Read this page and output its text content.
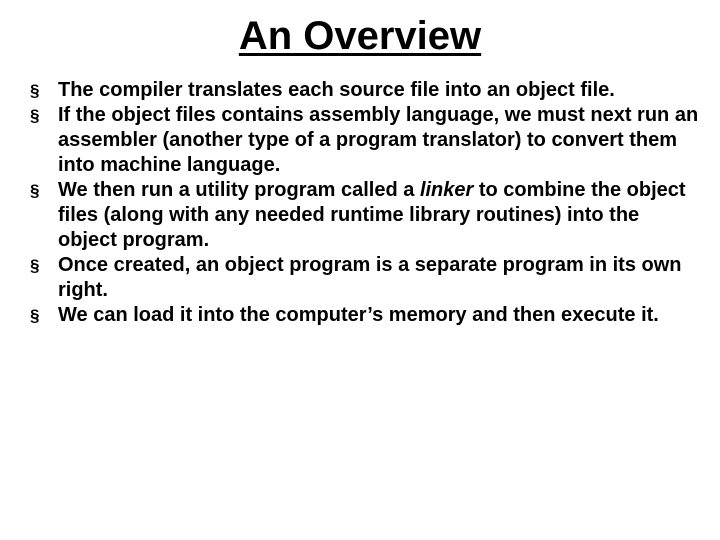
An Overview
§ The compiler translates each source file into an object file.
§ If the object files contains assembly language, we must next run an assembler (another type of a program translator) to convert them into machine language.
§ We then run a utility program called a linker to combine the object files (along with any needed runtime library routines) into the object program.
§ Once created, an object program is a separate program in its own right.
§ We can load it into the computer’s memory and then execute it.
